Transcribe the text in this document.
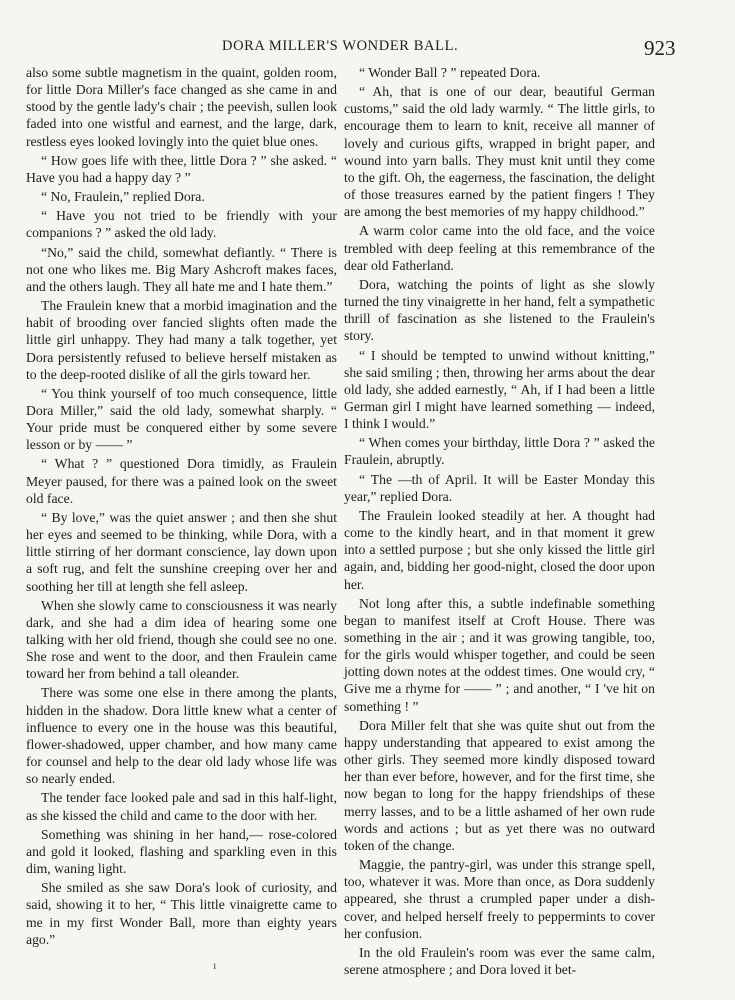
DORA MILLER'S WONDER BALL.	923

also some subtle magnetism in the quaint, golden room, for little Dora Miller's face changed as she came in and stood by the gentle lady's chair ; the peevish, sullen look faded into one wistful and earnest, and the large, dark, restless eyes looked lovingly into the quiet blue ones.

“ How goes life with thee, little Dora ? ” she asked. “ Have you had a happy day ? ”

“ No, Fraulein,” replied Dora.

“ Have you not tried to be friendly with your companions ? ” asked the old lady.

“No,” said the child, somewhat defiantly. “ There is not one who likes me. Big Mary Ashcroft makes faces, and the others laugh. They all hate me and I hate them.”

The Fraulein knew that a morbid imagination and the habit of brooding over fancied slights often made the little girl unhappy. They had many a talk together, yet Dora persistently refused to believe herself mistaken as to the deep-rooted dislike of all the girls toward her.

“ You think yourself of too much consequence, little Dora Miller,” said the old lady, somewhat sharply. “ Your pride must be conquered either by some severe lesson or by —— ”

“ What ? ” questioned Dora timidly, as Fraulein Meyer paused, for there was a pained look on the sweet old face.

“ By love,” was the quiet answer ; and then she shut her eyes and seemed to be thinking, while Dora, with a little stirring of her dormant conscience, lay down upon a soft rug, and felt the sunshine creeping over her and soothing her till at length she fell asleep.

When she slowly came to consciousness it was nearly dark, and she had a dim idea of hearing some one talking with her old friend, though she could see no one. She rose and went to the door, and then Fraulein came toward her from behind a tall oleander.

There was some one else in there among the plants, hidden in the shadow. Dora little knew what a center of influence to every one in the house was this beautiful, flower-shadowed, upper chamber, and how many came for counsel and help to the dear old lady whose life was so nearly ended.

The tender face looked pale and sad in this half-light, as she kissed the child and came to the door with her.

Something was shining in her hand,— rose-colored and gold it looked, flashing and sparkling even in this dim, waning light.

She smiled as she saw Dora's look of curiosity, and said, showing it to her, “ This little vinaigrette came to me in my first Wonder Ball, more than eighty years ago.”

“ Wonder Ball ? ” repeated Dora.

“ Ah, that is one of our dear, beautiful German customs,” said the old lady warmly. “ The little girls, to encourage them to learn to knit, receive all manner of lovely and curious gifts, wrapped in bright paper, and wound into yarn balls. They must knit until they come to the gift. Oh, the eagerness, the fascination, the delight of those treasures earned by the patient fingers ! They are among the best memories of my happy childhood.”

A warm color came into the old face, and the voice trembled with deep feeling at this remembrance of the dear old Fatherland.

Dora, watching the points of light as she slowly turned the tiny vinaigrette in her hand, felt a sympathetic thrill of fascination as she listened to the Fraulein's story.

“ I should be tempted to unwind without knitting,” she said smiling ; then, throwing her arms about the dear old lady, she added earnestly, “ Ah, if I had been a little German girl I might have learned something — indeed, I think I would.”

“ When comes your birthday, little Dora ? ” asked the Fraulein, abruptly.

“ The —th of April. It will be Easter Monday this year,” replied Dora.

The Fraulein looked steadily at her. A thought had come to the kindly heart, and in that moment it grew into a settled purpose ; but she only kissed the little girl again, and, bidding her good-night, closed the door upon her.

Not long after this, a subtle indefinable something began to manifest itself at Croft House. There was something in the air ; and it was growing tangible, too, for the girls would whisper together, and could be seen jotting down notes at the oddest times. One would cry, “ Give me a rhyme for —— ” ; and another, “ I 've hit on something ! ”

Dora Miller felt that she was quite shut out from the happy understanding that appeared to exist among the other girls. They seemed more kindly disposed toward her than ever before, however, and for the first time, she now began to long for the happy friendships of these merry lasses, and to be a little ashamed of her own rude words and actions ; but as yet there was no outward token of the change.

Maggie, the pantry-girl, was under this strange spell, too, whatever it was. More than once, as Dora suddenly appeared, she thrust a crumpled paper under a dish-cover, and helped herself freely to peppermints to cover her confusion.

In the old Fraulein's room was ever the same calm, serene atmosphere ; and Dora loved it bet-

ı
